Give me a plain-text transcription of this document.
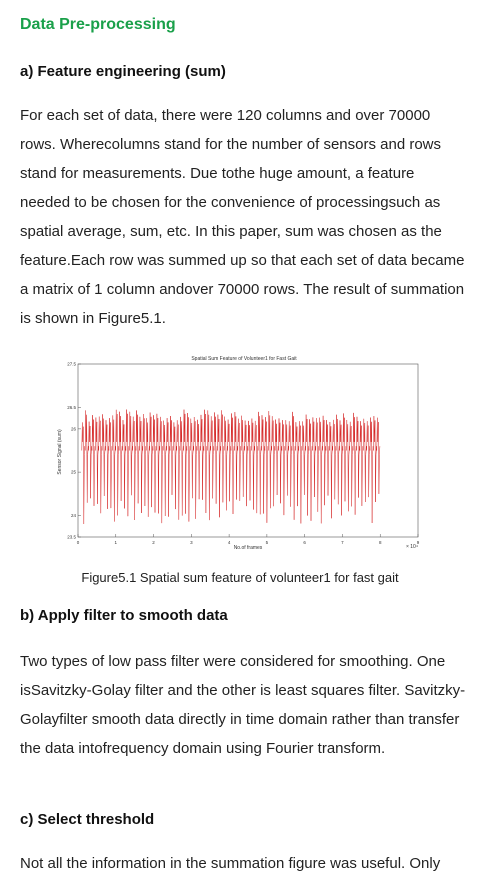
Data Pre-processing
a) Feature engineering (sum)

For each set of data, there were 120 columns and over 70000 rows. Wherecolumns stand for the number of sensors and rows stand for measurements. Due tothe huge amount, a feature needed to be chosen for the convenience of processingsuch as spatial average, sum, etc. In this paper, sum was chosen as the feature.Each row was summed up so that each set of data became a matrix of 1 column andover 70000 rows. The result of summation is shown in Figure5.1.

Spatial Sum Feature of Volunteer1 for Fast Gait
Sensor Signal (sum)
No.of frames	× 10⁴
0	1	2	3	4	5	6	7	8	9
23.5
24
25
26
26.5
27.5

Figure5.1 Spatial sum feature of volunteer1 for fast gait

b) Apply filter to smooth data

Two types of low pass filter were considered for smoothing. One isSavitzky-Golay filter and the other is least squares filter. Savitzky-Golayfilter smooth data directly in time domain rather than transfer the data intofrequency domain using Fourier transform.

c) Select threshold

Not all the information in the summation figure was useful. Only
